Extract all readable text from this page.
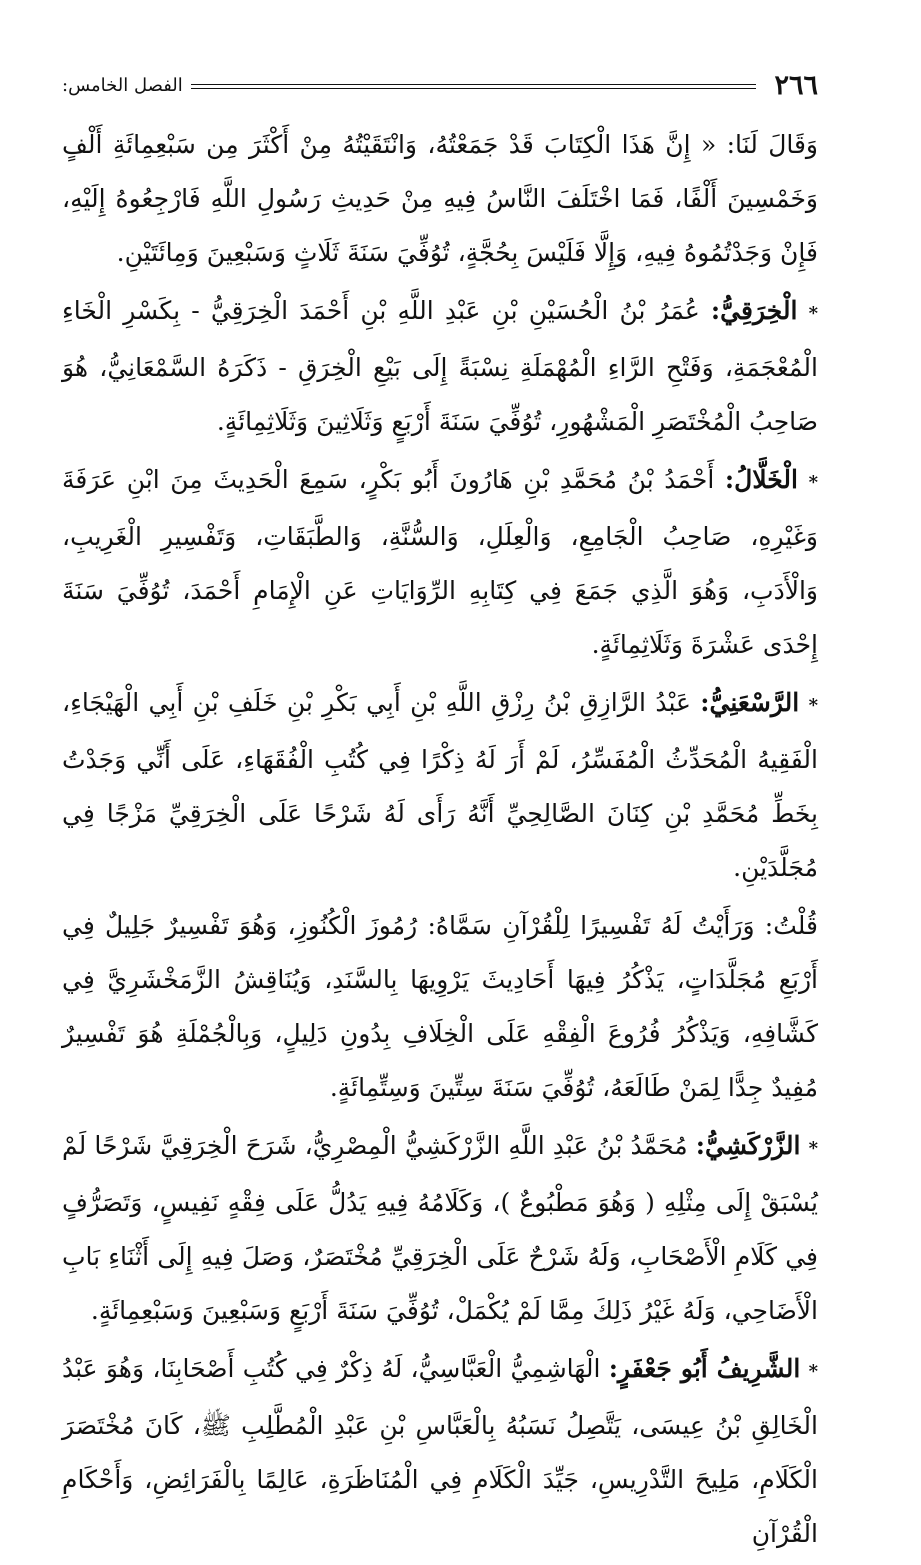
٢٦٦
الفصل الخامس:

وَقَالَ لَنَا: « إِنَّ هَذَا الْكِتَابَ قَدْ جَمَعْتُهُ، وَانْتَقَيْتُهُ مِنْ أَكْثَرَ مِن سَبْعِمِائَةِ أَلْفٍ وَخَمْسِينَ أَلْفًا، فَمَا اخْتَلَفَ النَّاسُ فِيهِ مِنْ حَدِيثِ رَسُولِ اللَّهِ فَارْجِعُوهُ إِلَيْهِ، فَإِنْ وَجَدْتُمُوهُ فِيهِ، وَإِلَّا فَلَيْسَ بِحُجَّةٍ، تُوُفِّيَ سَنَةَ ثَلَاثٍ وَسَبْعِينَ وَمِائَتَيْنِ.

* الْخِرَقِيُّ: عُمَرُ بْنُ الْحُسَيْنِ بْنِ عَبْدِ اللَّهِ بْنِ أَحْمَدَ الْخِرَقِيُّ - بِكَسْرِ الْخَاءِ الْمُعْجَمَةِ، وَفَتْحِ الرَّاءِ الْمُهْمَلَةِ نِسْبَةً إِلَى بَيْعِ الْخِرَقِ - ذَكَرَهُ السَّمْعَانِيُّ، هُوَ صَاحِبُ الْمُخْتَصَرِ الْمَشْهُورِ، تُوُفِّيَ سَنَةَ أَرْبَعٍ وَثَلَاثِينَ وَثَلَاثِمِائَةٍ.

* الْخَلَّالُ: أَحْمَدُ بْنُ مُحَمَّدِ بْنِ هَارُونَ أَبُو بَكْرٍ، سَمِعَ الْحَدِيثَ مِنَ ابْنِ عَرَفَةَ وَغَيْرِهِ، صَاحِبُ الْجَامِعِ، وَالْعِلَلِ، وَالسُّنَّةِ، وَالطَّبَقَاتِ، وَتَفْسِيرِ الْغَرِيبِ، وَالْأَدَبِ، وَهُوَ الَّذِي جَمَعَ فِي كِتَابِهِ الرِّوَايَاتِ عَنِ الْإِمَامِ أَحْمَدَ، تُوُفِّيَ سَنَةَ إِحْدَى عَشْرَةَ وَثَلَاثِمِائَةٍ.

* الرَّسْعَنِيُّ: عَبْدُ الرَّازِقِ بْنُ رِزْقِ اللَّهِ بْنِ أَبِي بَكْرِ بْنِ خَلَفِ بْنِ أَبِي الْهَيْجَاءِ، الْفَقِيهُ الْمُحَدِّثُ الْمُفَسِّرُ، لَمْ أَرَ لَهُ ذِكْرًا فِي كُتُبِ الْفُقَهَاءِ، عَلَى أَنِّي وَجَدْتُ بِخَطِّ مُحَمَّدِ بْنِ كِنَانَ الصَّالِحِيِّ أَنَّهُ رَأَى لَهُ شَرْحًا عَلَى الْخِرَقِيِّ مَزْجًا فِي مُجَلَّدَيْنِ.

قُلْتُ: وَرَأَيْتُ لَهُ تَفْسِيرًا لِلْقُرْآنِ سَمَّاهُ: رُمُوزَ الْكُنُوزِ، وَهُوَ تَفْسِيرٌ جَلِيلٌ فِي أَرْبَعِ مُجَلَّدَاتٍ، يَذْكُرُ فِيهَا أَحَادِيثَ يَرْوِيهَا بِالسَّنَدِ، وَيُنَاقِشُ الزَّمَخْشَرِيَّ فِي كَشَّافِهِ، وَيَذْكُرُ فُرُوعَ الْفِقْهِ عَلَى الْخِلَافِ بِدُونِ دَلِيلٍ، وَبِالْجُمْلَةِ هُوَ تَفْسِيرٌ مُفِيدٌ جِدًّا لِمَنْ طَالَعَهُ، تُوُفِّيَ سَنَةَ سِتِّينَ وَسِتِّمِائَةٍ.

* الزَّرْكَشِيُّ: مُحَمَّدُ بْنُ عَبْدِ اللَّهِ الزَّرْكَشِيُّ الْمِصْرِيُّ، شَرَحَ الْخِرَقِيَّ شَرْحًا لَمْ يُسْبَقْ إِلَى مِثْلِهِ ( وَهُوَ مَطْبُوعٌ )، وَكَلَامُهُ فِيهِ يَدُلُّ عَلَى فِقْهٍ نَفِيسٍ، وَتَصَرُّفٍ فِي كَلَامِ الْأَصْحَابِ، وَلَهُ شَرْحٌ عَلَى الْخِرَقِيِّ مُخْتَصَرٌ، وَصَلَ فِيهِ إِلَى أَثْنَاءِ بَابِ الْأَضَاحِي، وَلَهُ غَيْرُ ذَلِكَ مِمَّا لَمْ يُكْمَلْ، تُوُفِّيَ سَنَةَ أَرْبَعٍ وَسَبْعِينَ وَسَبْعِمِائَةٍ.

* الشَّرِيفُ أَبُو جَعْفَرٍ: الْهَاشِمِيُّ الْعَبَّاسِيُّ، لَهُ ذِكْرٌ فِي كُتُبِ أَصْحَابِنَا، وَهُوَ عَبْدُ الْخَالِقِ بْنُ عِيسَى، يَتَّصِلُ نَسَبُهُ بِالْعَبَّاسِ بْنِ عَبْدِ الْمُطَّلِبِ ﷺ، كَانَ مُخْتَصَرَ الْكَلَامِ، مَلِيحَ التَّدْرِيسِ، جَيِّدَ الْكَلَامِ فِي الْمُنَاظَرَةِ، عَالِمًا بِالْفَرَائِضِ، وَأَحْكَامِ الْقُرْآنِ
